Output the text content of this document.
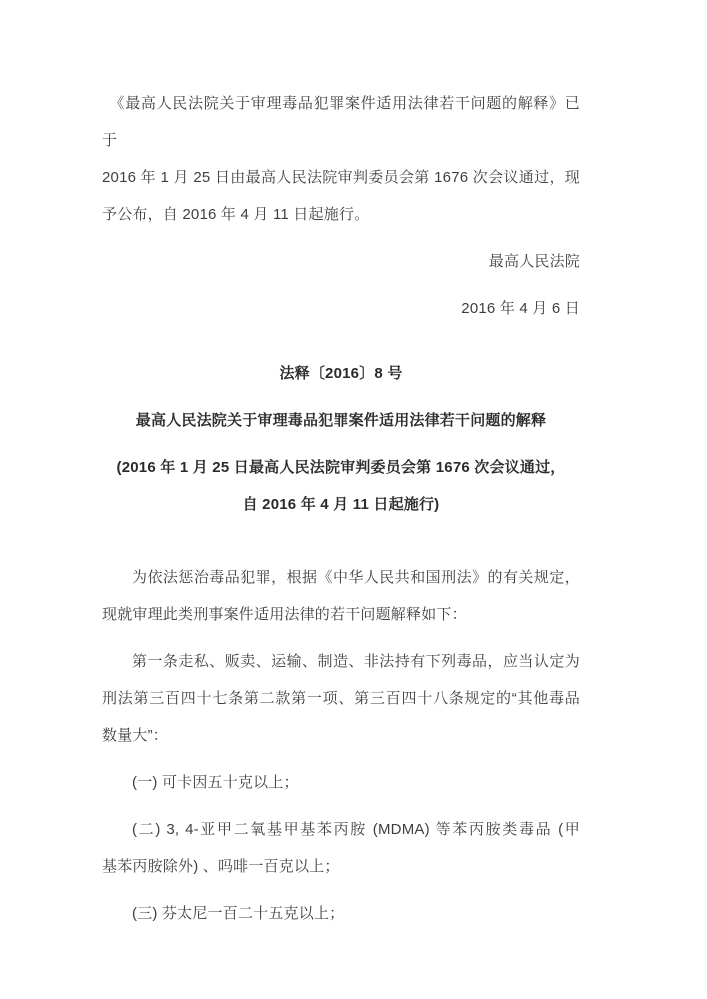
《最高人民法院关于审理毒品犯罪案件适用法律若干问题的解释》已于
2016 年 1 月 25 日由最高人民法院审判委员会第 1676 次会议通过，现
予公布，自 2016 年 4 月 11 日起施行。
最高人民法院
2016 年 4 月 6 日
法释〔2016〕8 号
最高人民法院关于审理毒品犯罪案件适用法律若干问题的解释
(2016 年 1 月 25 日最高人民法院审判委员会第 1676 次会议通过，
自 2016 年 4 月 11 日起施行)
为依法惩治毒品犯罪，根据《中华人民共和国刑法》的有关规定，
现就审理此类刑事案件适用法律的若干问题解释如下：
第一条走私、贩卖、运输、制造、非法持有下列毒品，应当认定为
刑法第三百四十七条第二款第一项、第三百四十八条规定的“其他毒品
数量大”：
(一) 可卡因五十克以上；
(二) 3, 4-亚甲二氧基甲基苯丙胺 (MDMA) 等苯丙胺类毒品 (甲
基苯丙胺除外) 、吗啡一百克以上；
(三) 芬太尼一百二十五克以上；
